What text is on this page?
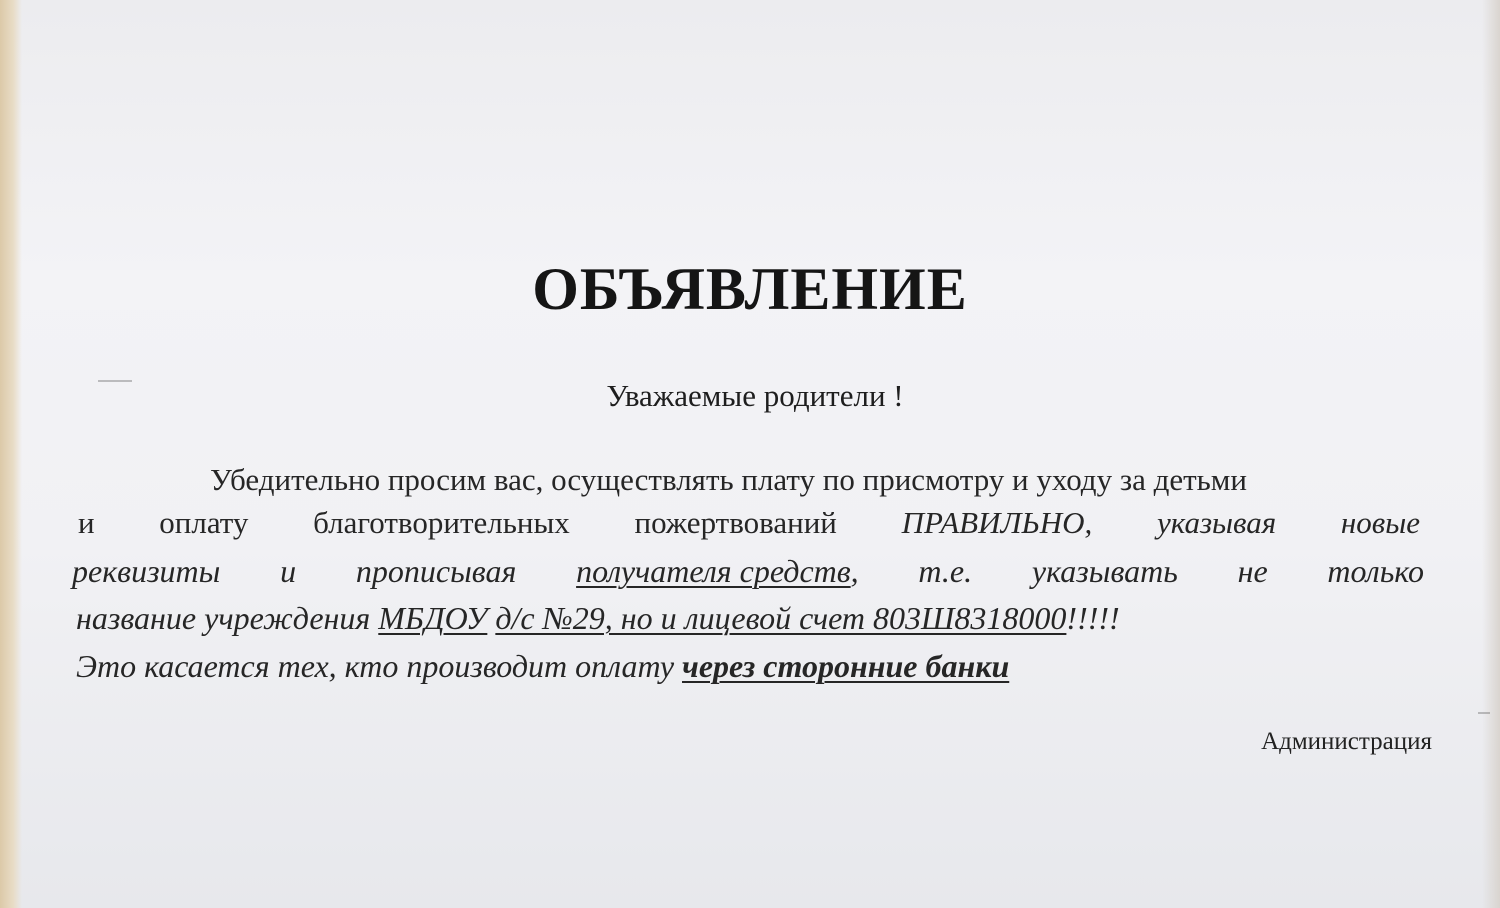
ОБЪЯВЛЕНИЕ
Уважаемые родители !
Убедительно просим вас, осуществлять плату по присмотру и уходу за детьми
и оплату благотворительных пожертвований ПРАВИЛЬНО, указывая новые
реквизиты и прописывая получателя средств, т.е. указывать не только
название учреждения МБДОУ д/с №29, но и лицевой счет 803Ш8318000!!!!!
Это касается тех, кто производит оплату через сторонние банки
Администрация
